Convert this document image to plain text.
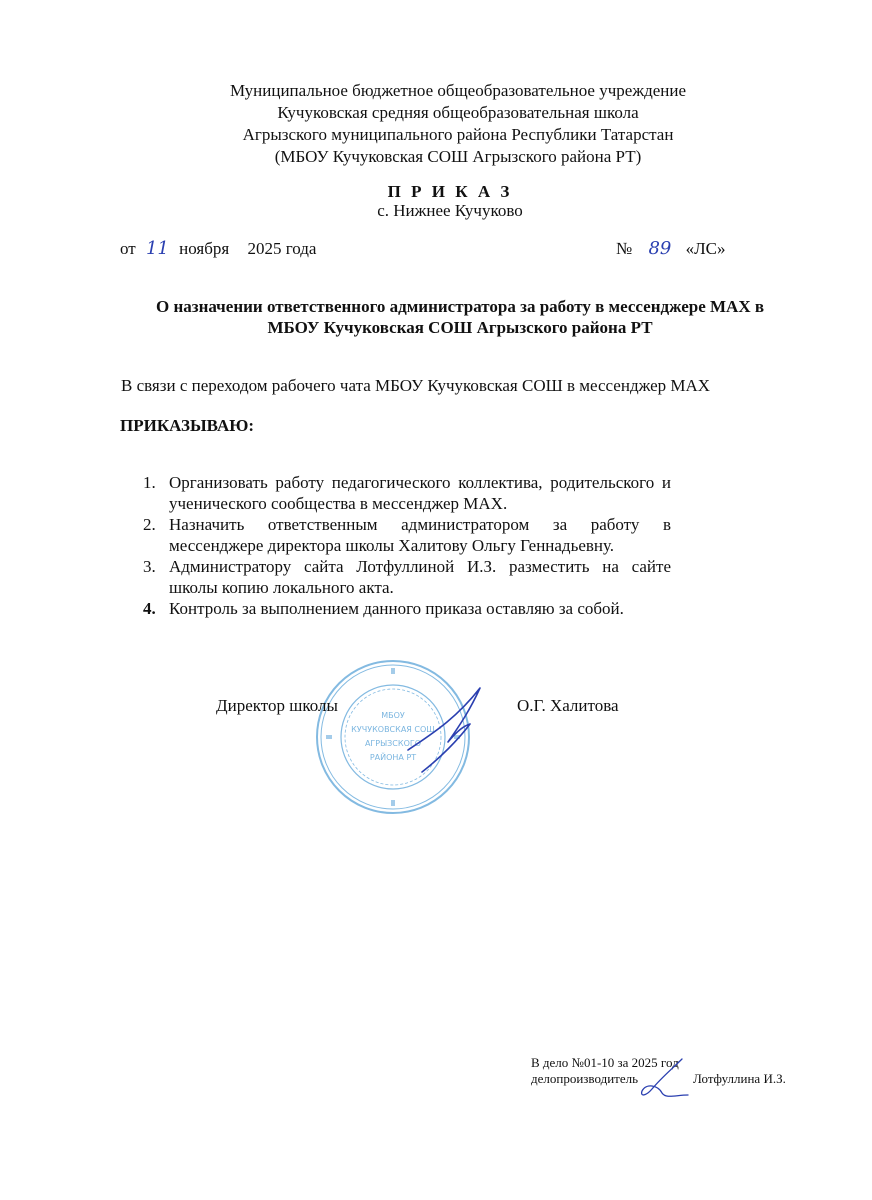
Муниципальное бюджетное общеобразовательное учреждение
Кучуковская средняя общеобразовательная школа
Агрызского муниципального района Республики Татарстан
(МБОУ Кучуковская СОШ Агрызского района РТ)
П Р И К А З
с. Нижнее Кучуково
от 11 ноября 2025 года	№ 89 «ЛС»
О назначении ответственного администратора за работу в мессенджере MAX в
МБОУ Кучуковская СОШ Агрызского района РТ
В связи с переходом рабочего чата МБОУ Кучуковская СОШ в мессенджер MAX
ПРИКАЗЫВАЮ:
1. Организовать работу педагогического коллектива, родительского и ученического сообщества в мессенджер MAX.
2. Назначить ответственным администратором за работу в мессенджере директора школы Халитову Ольгу Геннадьевну.
3. Администратору сайта Лотфуллиной И.З. разместить на сайте школы копию локального акта.
4. Контроль за выполнением данного приказа оставляю за собой.
МБОУ
КУЧУКОВСКАЯ СОШ
АГРЫЗСКОГО
РАЙОНА РТ
Директор школы	О.Г. Халитова
В дело №01-10 за 2025 год
делопроизводитель	Лотфуллина И.З.
